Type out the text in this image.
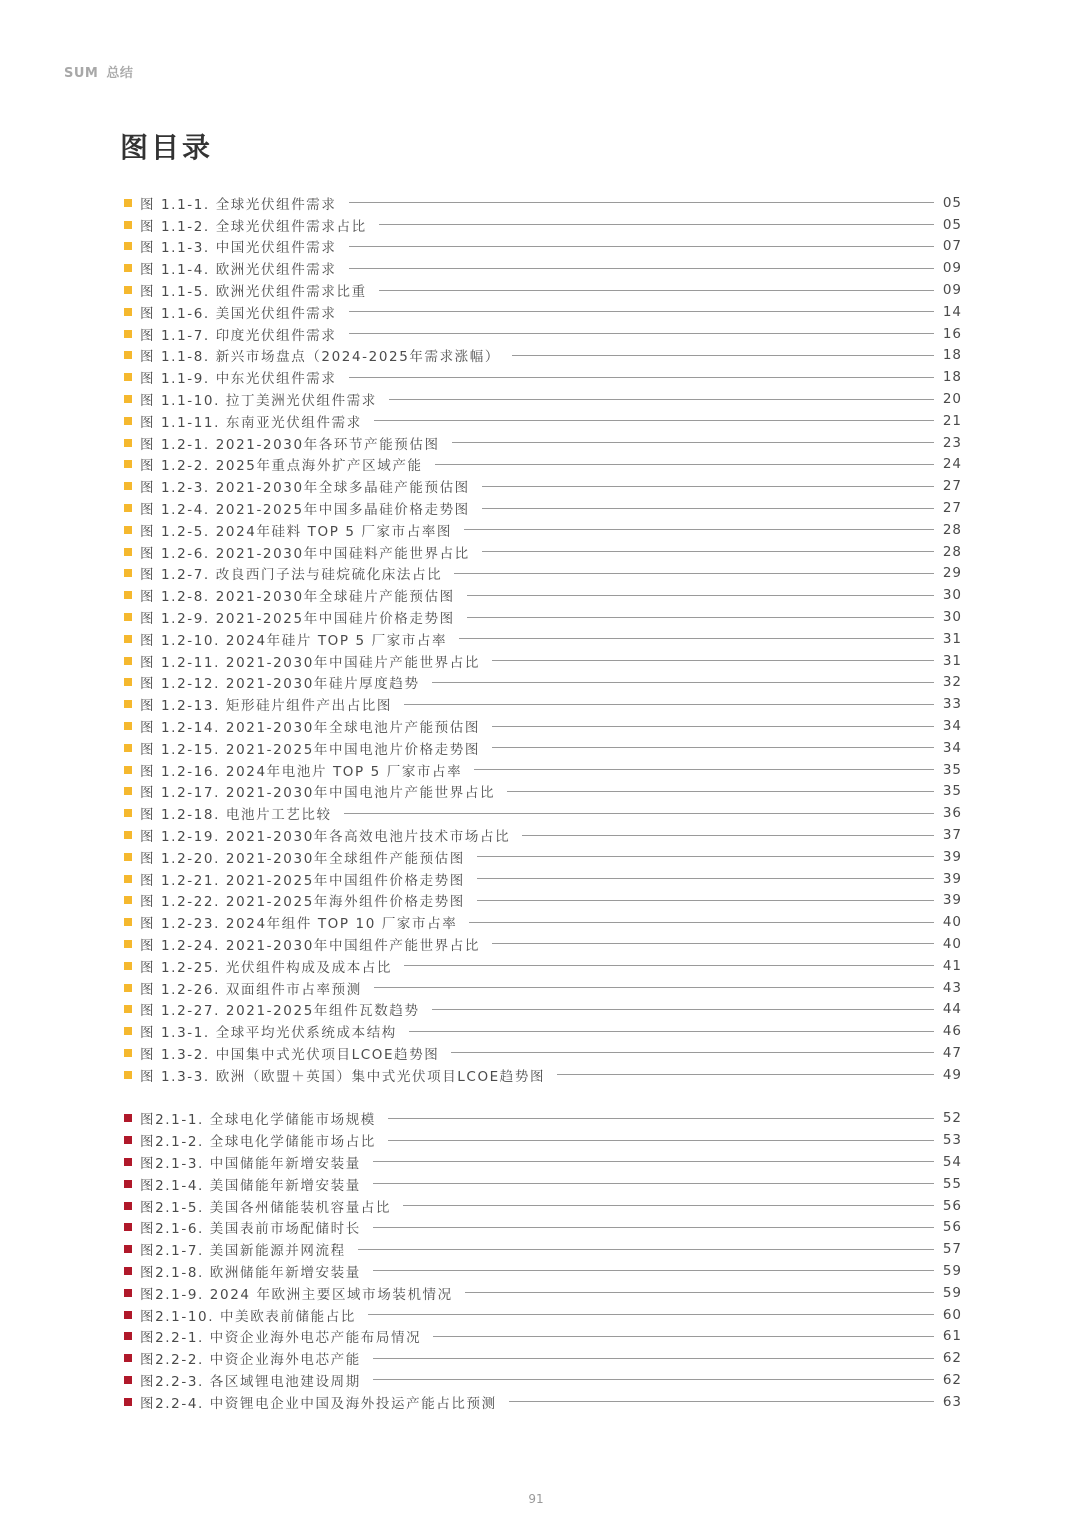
SUM 总结
图目录
图 1.1-1. 全球光伏组件需求	05
图 1.1-2. 全球光伏组件需求占比	05
图 1.1-3. 中国光伏组件需求	07
图 1.1-4. 欧洲光伏组件需求	09
图 1.1-5. 欧洲光伏组件需求比重	09
图 1.1-6. 美国光伏组件需求	14
图 1.1-7. 印度光伏组件需求	16
图 1.1-8. 新兴市场盘点（2024-2025年需求涨幅）	18
图 1.1-9. 中东光伏组件需求	18
图 1.1-10. 拉丁美洲光伏组件需求	20
图 1.1-11. 东南亚光伏组件需求	21
图 1.2-1. 2021-2030年各环节产能预估图	23
图 1.2-2. 2025年重点海外扩产区域产能	24
图 1.2-3. 2021-2030年全球多晶硅产能预估图	27
图 1.2-4. 2021-2025年中国多晶硅价格走势图	27
图 1.2-5. 2024年硅料 TOP 5 厂家市占率图	28
图 1.2-6. 2021-2030年中国硅料产能世界占比	28
图 1.2-7. 改良西门子法与硅烷硫化床法占比	29
图 1.2-8. 2021-2030年全球硅片产能预估图	30
图 1.2-9. 2021-2025年中国硅片价格走势图	30
图 1.2-10. 2024年硅片 TOP 5 厂家市占率	31
图 1.2-11. 2021-2030年中国硅片产能世界占比	31
图 1.2-12. 2021-2030年硅片厚度趋势	32
图 1.2-13. 矩形硅片组件产出占比图	33
图 1.2-14. 2021-2030年全球电池片产能预估图	34
图 1.2-15. 2021-2025年中国电池片价格走势图	34
图 1.2-16. 2024年电池片 TOP 5 厂家市占率	35
图 1.2-17. 2021-2030年中国电池片产能世界占比	35
图 1.2-18. 电池片工艺比较	36
图 1.2-19. 2021-2030年各高效电池片技术市场占比	37
图 1.2-20. 2021-2030年全球组件产能预估图	39
图 1.2-21. 2021-2025年中国组件价格走势图	39
图 1.2-22. 2021-2025年海外组件价格走势图	39
图 1.2-23. 2024年组件 TOP 10 厂家市占率	40
图 1.2-24. 2021-2030年中国组件产能世界占比	40
图 1.2-25. 光伏组件构成及成本占比	41
图 1.2-26. 双面组件市占率预测	43
图 1.2-27. 2021-2025年组件瓦数趋势	44
图 1.3-1. 全球平均光伏系统成本结构	46
图 1.3-2. 中国集中式光伏项目LCOE趋势图	47
图 1.3-3. 欧洲（欧盟＋英国）集中式光伏项目LCOE趋势图	49
图2.1-1. 全球电化学储能市场规模	52
图2.1-2. 全球电化学储能市场占比	53
图2.1-3. 中国储能年新增安装量	54
图2.1-4. 美国储能年新增安装量	55
图2.1-5. 美国各州储能装机容量占比	56
图2.1-6. 美国表前市场配储时长	56
图2.1-7. 美国新能源并网流程	57
图2.1-8. 欧洲储能年新增安装量	59
图2.1-9. 2024 年欧洲主要区域市场装机情况	59
图2.1-10. 中美欧表前储能占比	60
图2.2-1. 中资企业海外电芯产能布局情况	61
图2.2-2. 中资企业海外电芯产能	62
图2.2-3. 各区域锂电池建设周期	62
图2.2-4. 中资锂电企业中国及海外投运产能占比预测	63
91
